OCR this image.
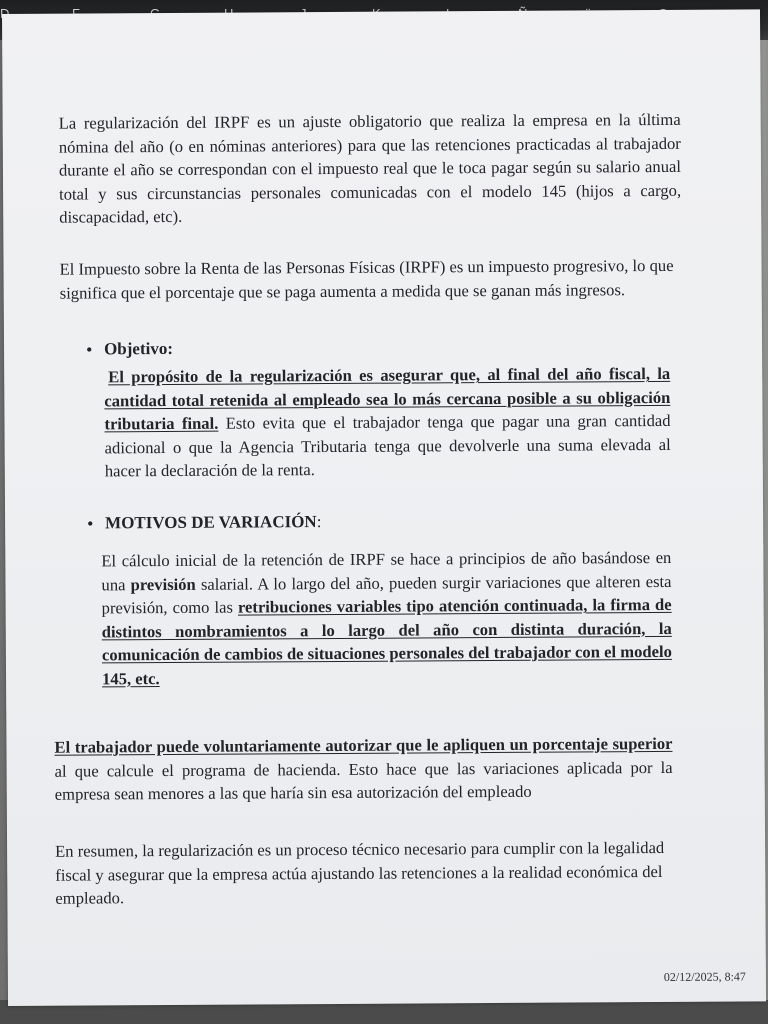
La regularización del IRPF es un ajuste obligatorio que realiza la empresa en la última nómina del año (o en nóminas anteriores) para que las retenciones practicadas al trabajador durante el año se correspondan con el impuesto real que le toca pagar según su salario anual total y sus circunstancias personales comunicadas con el modelo 145 (hijos a cargo, discapacidad, etc).
El Impuesto sobre la Renta de las Personas Físicas (IRPF) es un impuesto progresivo, lo que significa que el porcentaje que se paga aumenta a medida que se ganan más ingresos.
• Objetivo:
El propósito de la regularización es asegurar que, al final del año fiscal, la cantidad total retenida al empleado sea lo más cercana posible a su obligación tributaria final. Esto evita que el trabajador tenga que pagar una gran cantidad adicional o que la Agencia Tributaria tenga que devolverle una suma elevada al hacer la declaración de la renta.
• MOTIVOS DE VARIACIÓN:
El cálculo inicial de la retención de IRPF se hace a principios de año basándose en una previsión salarial. A lo largo del año, pueden surgir variaciones que alteren esta previsión, como las retribuciones variables tipo atención continuada, la firma de distintos nombramientos a lo largo del año con distinta duración, la comunicación de cambios de situaciones personales del trabajador con el modelo 145, etc.
El trabajador puede voluntariamente autorizar que le apliquen un porcentaje superior al que calcule el programa de hacienda. Esto hace que las variaciones aplicada por la empresa sean menores a las que haría sin esa autorización del empleado
En resumen, la regularización es un proceso técnico necesario para cumplir con la legalidad fiscal y asegurar que la empresa actúa ajustando las retenciones a la realidad económica del empleado.
02/12/2025, 8:47
